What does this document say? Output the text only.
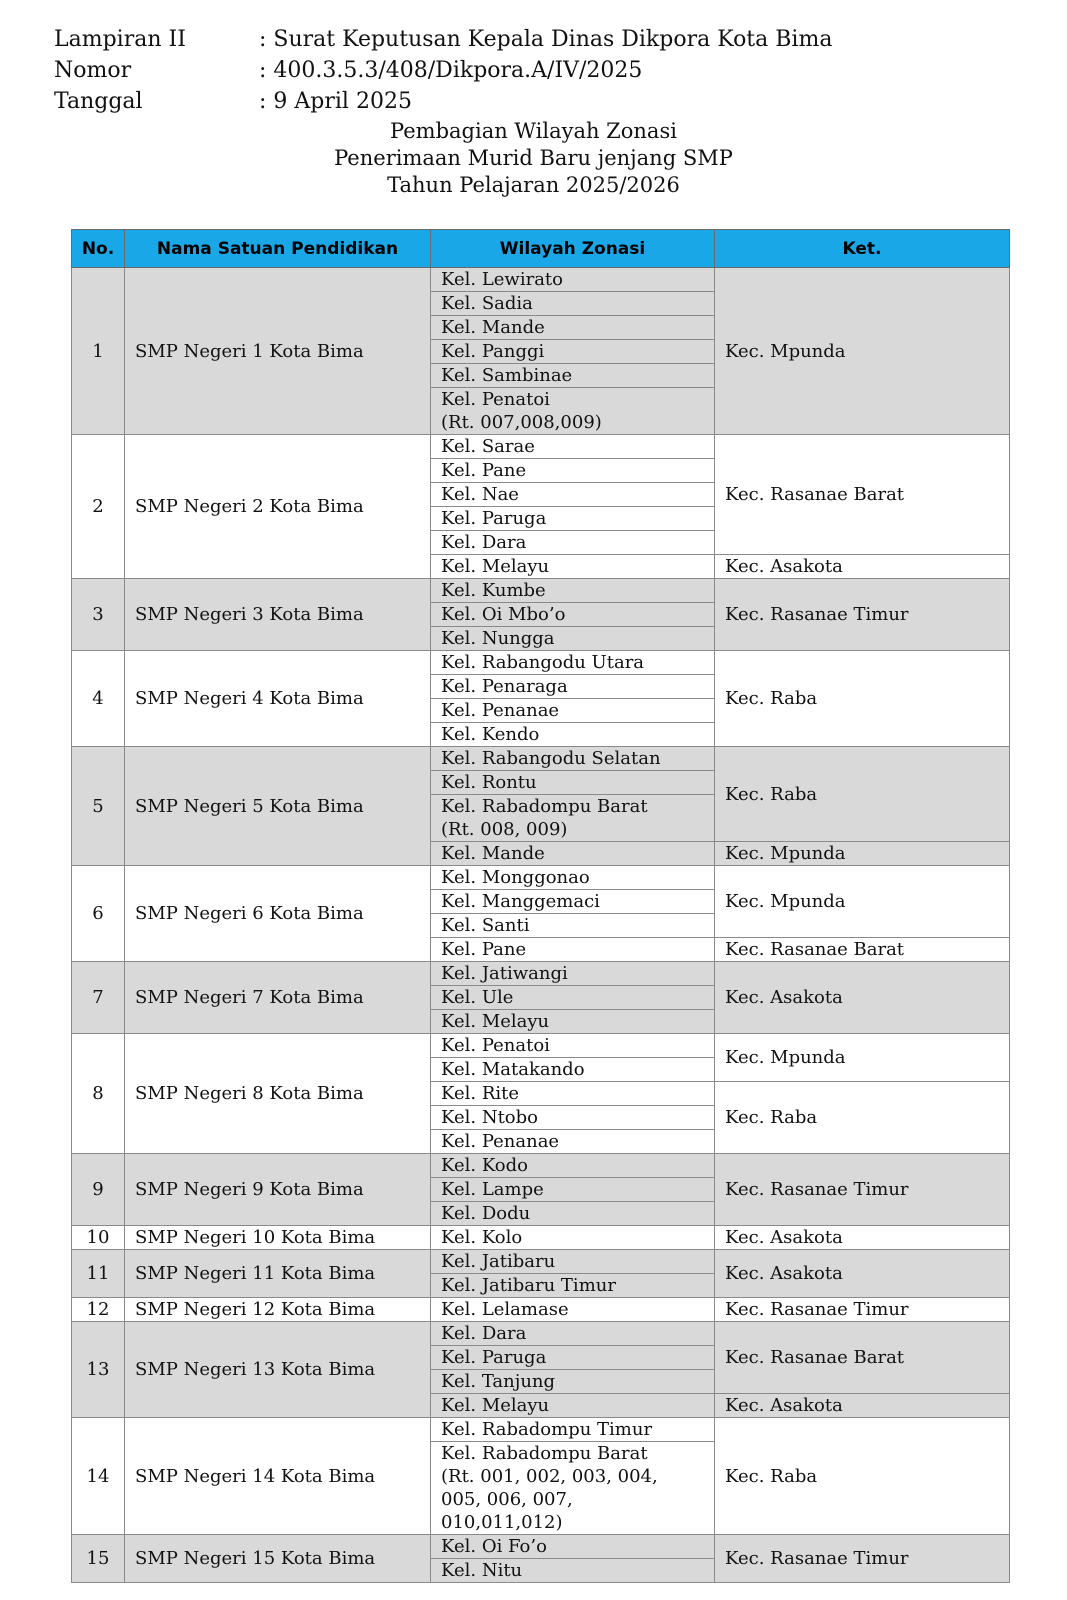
Lampiran II	: Surat Keputusan Kepala Dinas Dikpora Kota Bima
Nomor	: 400.3.5.3/408/Dikpora.A/IV/2025
Tanggal	: 9 April 2025
Pembagian Wilayah Zonasi
Penerimaan Murid Baru jenjang SMP
Tahun Pelajaran 2025/2026
No.	Nama Satuan Pendidikan	Wilayah Zonasi	Ket.
1	SMP Negeri 1 Kota Bima	Kel. Lewirato	Kec. Mpunda
		Kel. Sadia	
		Kel. Mande	
		Kel. Panggi	
		Kel. Sambinae	
		Kel. Penatoi
(Rt. 007,008,009)	
2	SMP Negeri 2 Kota Bima	Kel. Sarae	Kec. Rasanae Barat
		Kel. Pane	
		Kel. Nae	
		Kel. Paruga	
		Kel. Dara	
		Kel. Melayu	Kec. Asakota
3	SMP Negeri 3 Kota Bima	Kel. Kumbe	Kec. Rasanae Timur
		Kel. Oi Mbo’o	
		Kel. Nungga	
4	SMP Negeri 4 Kota Bima	Kel. Rabangodu Utara	Kec. Raba
		Kel. Penaraga	
		Kel. Penanae	
		Kel. Kendo	
5	SMP Negeri 5 Kota Bima	Kel. Rabangodu Selatan	Kec. Raba
		Kel. Rontu	
		Kel. Rabadompu Barat
(Rt. 008, 009)	
		Kel. Mande	Kec. Mpunda
6	SMP Negeri 6 Kota Bima	Kel. Monggonao	Kec. Mpunda
		Kel. Manggemaci	
		Kel. Santi	
		Kel. Pane	Kec. Rasanae Barat
7	SMP Negeri 7 Kota Bima	Kel. Jatiwangi	Kec. Asakota
		Kel. Ule	
		Kel. Melayu	
8	SMP Negeri 8 Kota Bima	Kel. Penatoi	Kec. Mpunda
		Kel. Matakando	
		Kel. Rite	Kec. Raba
		Kel. Ntobo	
		Kel. Penanae	
9	SMP Negeri 9 Kota Bima	Kel. Kodo	Kec. Rasanae Timur
		Kel. Lampe	
		Kel. Dodu	
10	SMP Negeri 10 Kota Bima	Kel. Kolo	Kec. Asakota
11	SMP Negeri 11 Kota Bima	Kel. Jatibaru	Kec. Asakota
		Kel. Jatibaru Timur	
12	SMP Negeri 12 Kota Bima	Kel. Lelamase	Kec. Rasanae Timur
13	SMP Negeri 13 Kota Bima	Kel. Dara	Kec. Rasanae Barat
		Kel. Paruga	
		Kel. Tanjung	
		Kel. Melayu	Kec. Asakota
14	SMP Negeri 14 Kota Bima	Kel. Rabadompu Timur	Kec. Raba
		Kel. Rabadompu Barat
(Rt. 001, 002, 003, 004,
005, 006, 007,
010,011,012)	
15	SMP Negeri 15 Kota Bima	Kel. Oi Fo’o	Kec. Rasanae Timur
		Kel. Nitu	
